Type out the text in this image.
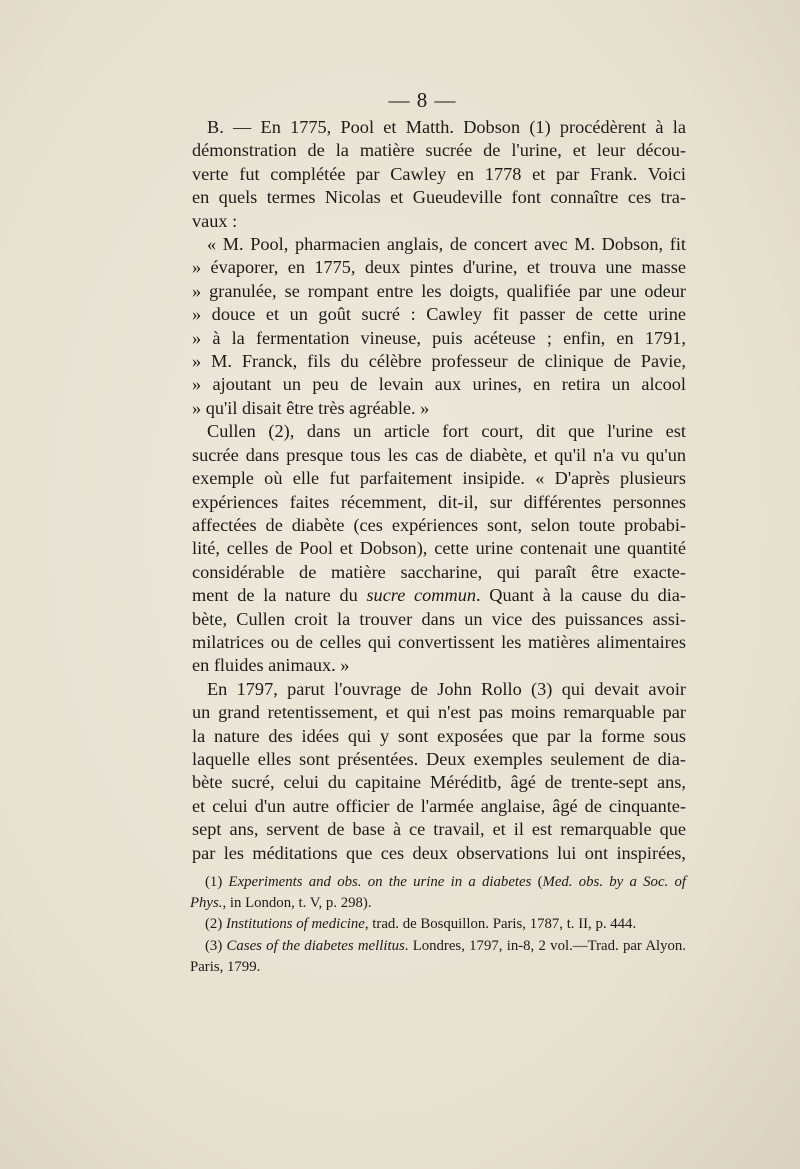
— 8 —
B. — En 1775, Pool et Matth. Dobson (1) procédèrent à la
démonstration de la matière sucrée de l'urine, et leur décou-
verte fut complétée par Cawley en 1778 et par Frank. Voici
en quels termes Nicolas et Gueudeville font connaître ces tra-
vaux :
« M. Pool, pharmacien anglais, de concert avec M. Dobson, fit
» évaporer, en 1775, deux pintes d'urine, et trouva une masse
» granulée, se rompant entre les doigts, qualifiée par une odeur
» douce et un goût sucré : Cawley fit passer de cette urine
» à la fermentation vineuse, puis acéteuse ; enfin, en 1791,
» M. Franck, fils du célèbre professeur de clinique de Pavie,
» ajoutant un peu de levain aux urines, en retira un alcool
» qu'il disait être très agréable. »
Cullen (2), dans un article fort court, dit que l'urine est
sucrée dans presque tous les cas de diabète, et qu'il n'a vu qu'un
exemple où elle fut parfaitement insipide. « D'après plusieurs
expériences faites récemment, dit-il, sur différentes personnes
affectées de diabète (ces expériences sont, selon toute probabi-
lité, celles de Pool et Dobson), cette urine contenait une quantité
considérable de matière saccharine, qui paraît être exacte-
ment de la nature du sucre commun. Quant à la cause du dia-
bète, Cullen croit la trouver dans un vice des puissances assi-
milatrices ou de celles qui convertissent les matières alimentaires
en fluides animaux. »
En 1797, parut l'ouvrage de John Rollo (3) qui devait avoir
un grand retentissement, et qui n'est pas moins remarquable par
la nature des idées qui y sont exposées que par la forme sous
laquelle elles sont présentées. Deux exemples seulement de dia-
bète sucré, celui du capitaine Méréditb, âgé de trente-sept ans,
et celui d'un autre officier de l'armée anglaise, âgé de cinquante-
sept ans, servent de base à ce travail, et il est remarquable que
par les méditations que ces deux observations lui ont inspirées,
(1) Experiments and obs. on the urine in a diabetes (Med. obs. by a Soc. of
Phys., in London, t. V, p. 298).
(2) Institutions of medicine, trad. de Bosquillon. Paris, 1787, t. II, p. 444.
(3) Cases of the diabetes mellitus. Londres, 1797, in-8, 2 vol.—Trad. par Alyon.
Paris, 1799.
